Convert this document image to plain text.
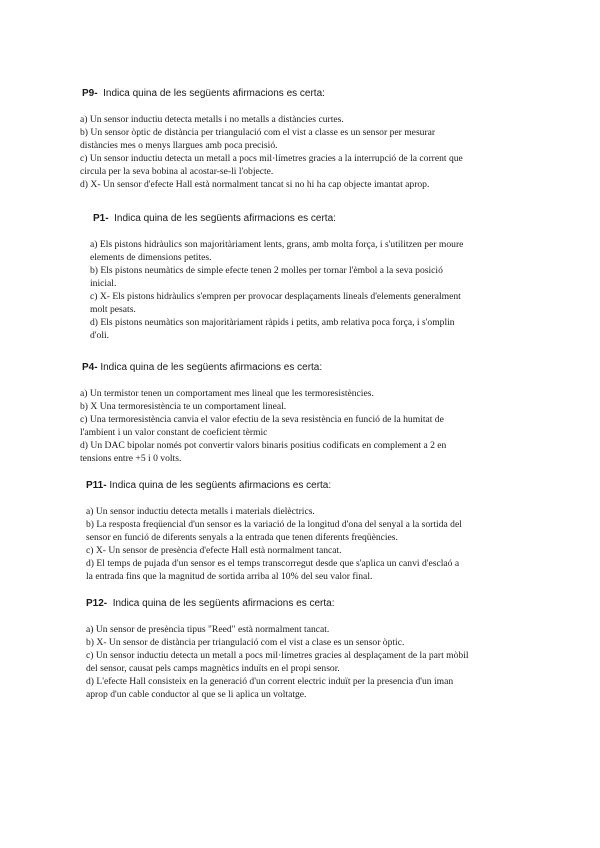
P9- Indica quina de les següents afirmacions es certa:
a) Un sensor inductiu detecta metalls i no metalls a distàncies curtes.
b) Un sensor òptic de distància per triangulació com el vist a classe es un sensor per mesurar
distàncies mes o menys llargues amb poca precisió.
c) Un sensor inductiu detecta un metall a pocs mil·límetres gracies a la interrupció de la corrent que
circula per la seva bobina al acostar-se-li l'objecte.
d) X- Un sensor d'efecte Hall està normalment tancat si no hi ha cap objecte imantat aprop.
P1- Indica quina de les següents afirmacions es certa:
a) Els pistons hidràulics son majoritàriament lents, grans, amb molta força, i s'utilitzen per moure
elements de dimensions petites.
b) Els pistons neumàtics de simple efecte tenen 2 molles per tornar l'èmbol a la seva posició
inicial.
c) X- Els pistons hidràulics s'empren per provocar desplaçaments lineals d'elements generalment
molt pesats.
d) Els pistons neumàtics son majoritàriament ràpids i petits, amb relativa poca força, i s'omplin
d'oli.
P4- Indica quina de les següents afirmacions es certa:
a) Un termistor tenen un comportament mes lineal que les termoresistències.
b) X Una termoresistència te un comportament lineal.
c) Una termoresistència canvia el valor efectiu de la seva resistència en funció de la humitat de
l'ambient i un valor constant de coeficient tèrmic
d) Un DAC bipolar només pot convertir valors binaris positius codificats en complement a 2 en
tensions entre +5 i 0 volts.
P11- Indica quina de les següents afirmacions es certa:
a) Un sensor inductiu detecta metalls i materials dielèctrics.
b) La resposta freqüencial d'un sensor es la variació de la longitud d'ona del senyal a la sortida del
sensor en funció de diferents senyals a la entrada que tenen diferents freqüències.
c) X- Un sensor de presència d'efecte Hall està normalment tancat.
d) El temps de pujada d'un sensor es el temps transcorregut desde que s'aplica un canvi d'esclaó a
la entrada fins que la magnitud de sortida arriba al 10% del seu valor final.
P12- Indica quina de les següents afirmacions es certa:
a) Un sensor de presència tipus "Reed" està normalment tancat.
b) X- Un sensor de distància per triangulació com el vist a clase es un sensor òptic.
c) Un sensor inductiu detecta un metall a pocs mil·límetres gracies al desplaçament de la part mòbil
del sensor, causat pels camps magnètics induïts en el propi sensor.
d) L'efecte Hall consisteix en la generació d'un corrent electric induït per la presencia d'un iman
aprop d'un cable conductor al que se li aplica un voltatge.
